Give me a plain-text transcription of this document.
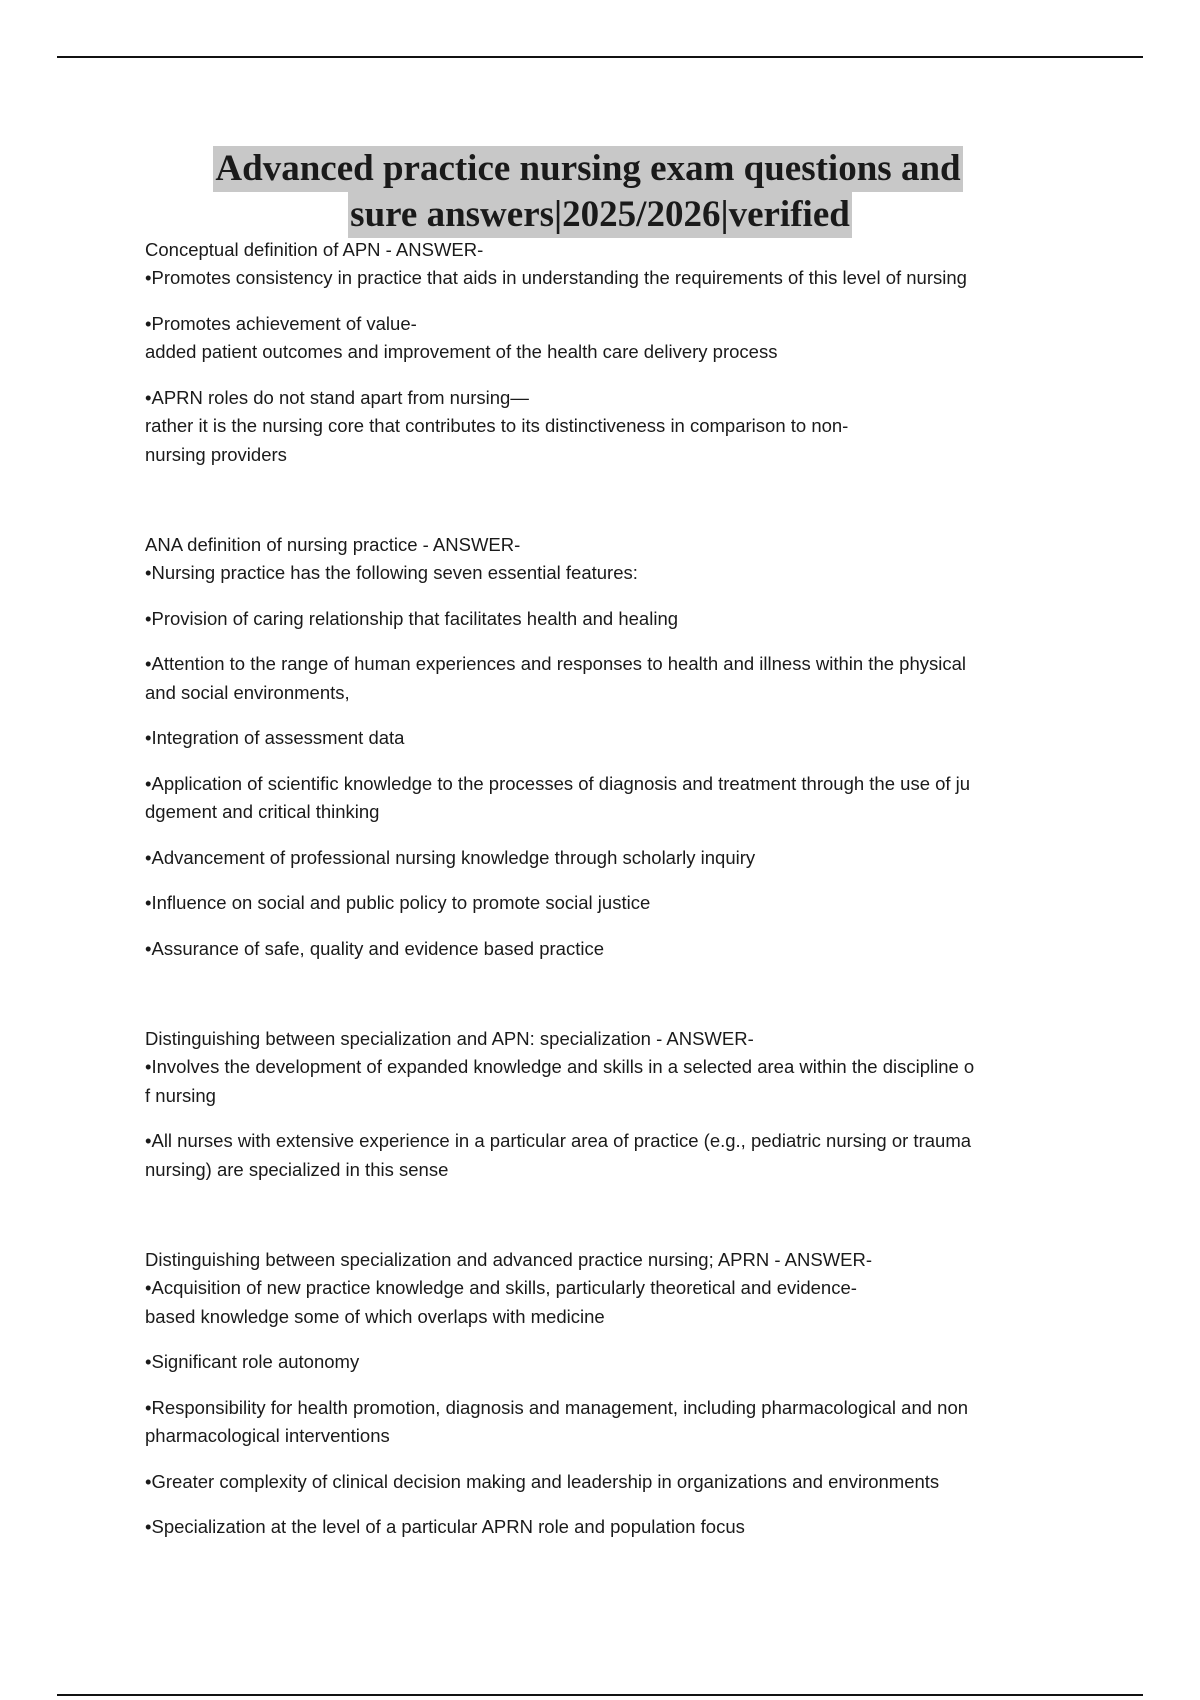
Advanced practice nursing exam questions and
sure answers|2025/2026|verified
Conceptual definition of APN - ANSWER-
•Promotes consistency in practice that aids in understanding the requirements of this level of nursing
•Promotes achievement of value-
added patient outcomes and improvement of the health care delivery process
•APRN roles do not stand apart from nursing—
rather it is the nursing core that contributes to its distinctiveness in comparison to non-
nursing providers
ANA definition of nursing practice - ANSWER-
•Nursing practice has the following seven essential features:
•Provision of caring relationship that facilitates health and healing
•Attention to the range of human experiences and responses to health and illness within the physical
and social environments,
•Integration of assessment data
•Application of scientific knowledge to the processes of diagnosis and treatment through the use of ju
dgement and critical thinking
•Advancement of professional nursing knowledge through scholarly inquiry
•Influence on social and public policy to promote social justice
•Assurance of safe, quality and evidence based practice
Distinguishing between specialization and APN: specialization - ANSWER-
•Involves the development of expanded knowledge and skills in a selected area within the discipline o
f nursing
•All nurses with extensive experience in a particular area of practice (e.g., pediatric nursing or trauma
nursing) are specialized in this sense
Distinguishing between specialization and advanced practice nursing; APRN - ANSWER-
•Acquisition of new practice knowledge and skills, particularly theoretical and evidence-
based knowledge some of which overlaps with medicine
•Significant role autonomy
•Responsibility for health promotion, diagnosis and management, including pharmacological and non
pharmacological interventions
•Greater complexity of clinical decision making and leadership in organizations and environments
•Specialization at the level of a particular APRN role and population focus
